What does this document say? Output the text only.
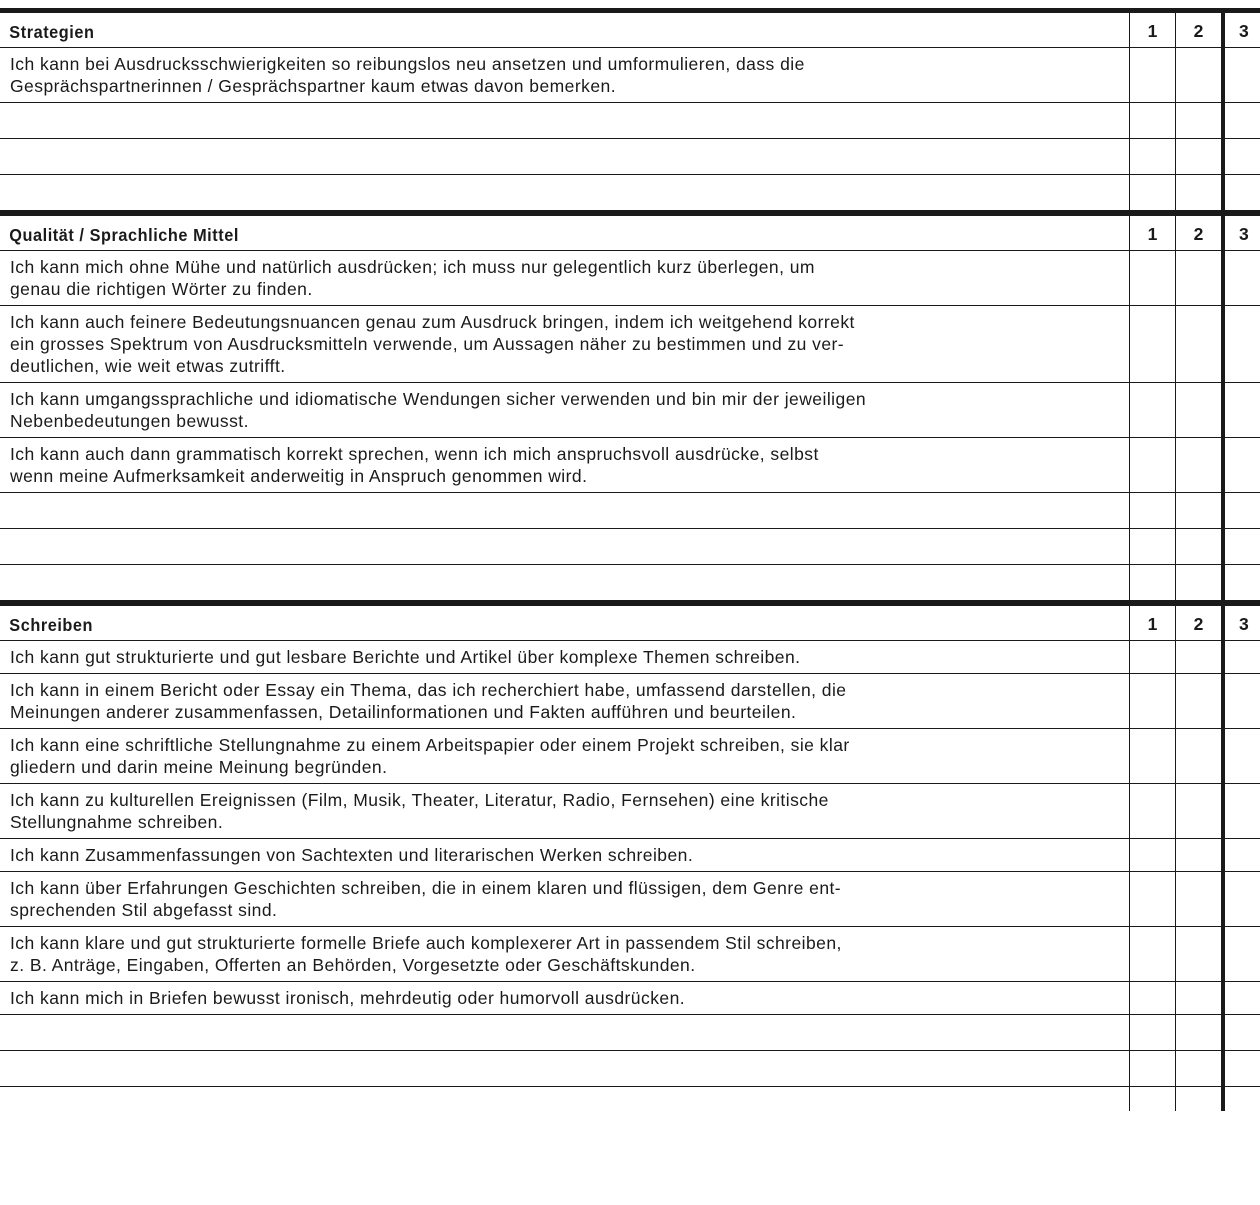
Strategien	1	2	3
Ich kann bei Ausdrucksschwierigkeiten so reibungslos neu ansetzen und umformulieren, dass die
Gesprächspartnerinnen / Gesprächspartner kaum etwas davon bemerken.
Qualität / Sprachliche Mittel	1	2	3
Ich kann mich ohne Mühe und natürlich ausdrücken; ich muss nur gelegentlich kurz überlegen, um
genau die richtigen Wörter zu finden.
Ich kann auch feinere Bedeutungsnuancen genau zum Ausdruck bringen, indem ich weitgehend korrekt
ein grosses Spektrum von Ausdrucksmitteln verwende, um Aussagen näher zu bestimmen und zu ver-
deutlichen, wie weit etwas zutrifft.
Ich kann umgangssprachliche und idiomatische Wendungen sicher verwenden und bin mir der jeweiligen
Nebenbedeutungen bewusst.
Ich kann auch dann grammatisch korrekt sprechen, wenn ich mich anspruchsvoll ausdrücke, selbst
wenn meine Aufmerksamkeit anderweitig in Anspruch genommen wird.
Schreiben	1	2	3
Ich kann gut strukturierte und gut lesbare Berichte und Artikel über komplexe Themen schreiben.
Ich kann in einem Bericht oder Essay ein Thema, das ich recherchiert habe, umfassend darstellen, die
Meinungen anderer zusammenfassen, Detailinformationen und Fakten aufführen und beurteilen.
Ich kann eine schriftliche Stellungnahme zu einem Arbeitspapier oder einem Projekt schreiben, sie klar
gliedern und darin meine Meinung begründen.
Ich kann zu kulturellen Ereignissen (Film, Musik, Theater, Literatur, Radio, Fernsehen) eine kritische
Stellungnahme schreiben.
Ich kann Zusammenfassungen von Sachtexten und literarischen Werken schreiben.
Ich kann über Erfahrungen Geschichten schreiben, die in einem klaren und flüssigen, dem Genre ent-
sprechenden Stil abgefasst sind.
Ich kann klare und gut strukturierte formelle Briefe auch komplexerer Art in passendem Stil schreiben,
z. B. Anträge, Eingaben, Offerten an Behörden, Vorgesetzte oder Geschäftskunden.
Ich kann mich in Briefen bewusst ironisch, mehrdeutig oder humorvoll ausdrücken.
